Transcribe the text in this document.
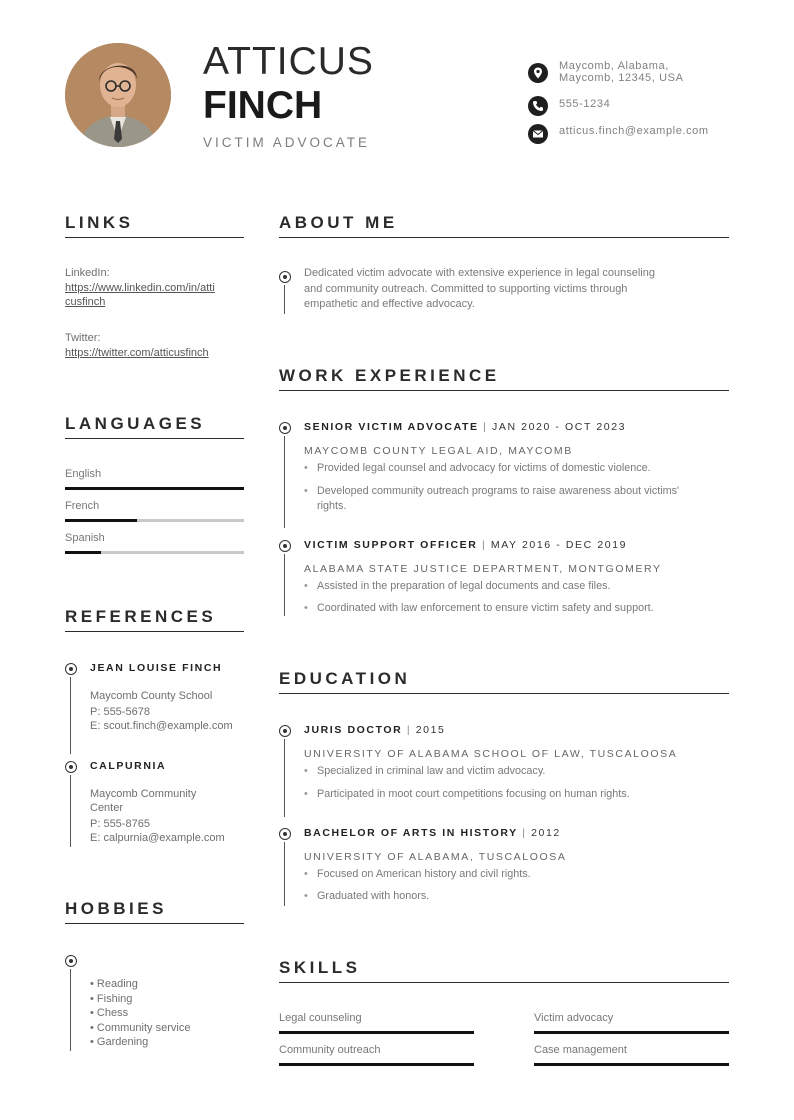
ATTICUS
FINCH
VICTIM ADVOCATE
Maycomb, Alabama,
Maycomb, 12345, USA
555-1234
atticus.finch@example.com
LINKS
LinkedIn:
https://www.linkedin.com/in/atti
cusfinch
Twitter:
https://twitter.com/atticusfinch
LANGUAGES
English
French
Spanish
REFERENCES
JEAN LOUISE FINCH
Maycomb County School
P: 555-5678
E: scout.finch@example.com
CALPURNIA
Maycomb Community
Center
P: 555-8765
E: calpurnia@example.com
HOBBIES
• Reading
• Fishing
• Chess
• Community service
• Gardening
ABOUT ME
Dedicated victim advocate with extensive experience in legal counseling
and community outreach. Committed to supporting victims through
empathetic and effective advocacy.
WORK EXPERIENCE
SENIOR VICTIM ADVOCATE | JAN 2020 - OCT 2023
MAYCOMB COUNTY LEGAL AID, MAYCOMB
• Provided legal counsel and advocacy for victims of domestic violence.
• Developed community outreach programs to raise awareness about victims'
rights.
VICTIM SUPPORT OFFICER | MAY 2016 - DEC 2019
ALABAMA STATE JUSTICE DEPARTMENT, MONTGOMERY
• Assisted in the preparation of legal documents and case files.
• Coordinated with law enforcement to ensure victim safety and support.
EDUCATION
JURIS DOCTOR | 2015
UNIVERSITY OF ALABAMA SCHOOL OF LAW, TUSCALOOSA
• Specialized in criminal law and victim advocacy.
• Participated in moot court competitions focusing on human rights.
BACHELOR OF ARTS IN HISTORY | 2012
UNIVERSITY OF ALABAMA, TUSCALOOSA
• Focused on American history and civil rights.
• Graduated with honors.
SKILLS
Legal counseling	Victim advocacy
Community outreach	Case management
